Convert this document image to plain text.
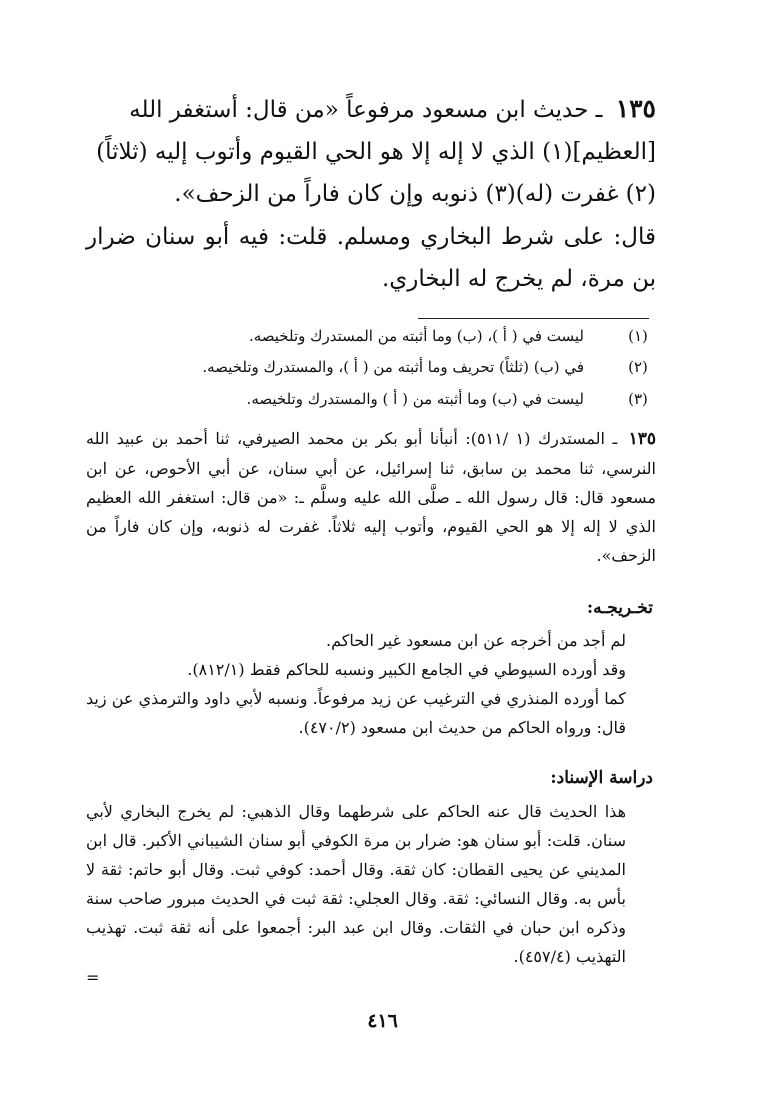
١٣٥ ـ حديث ابن مسعود مرفوعاً «من قال: أستغفر الله [العظيم](١) الذي لا إله إلا هو الحي القيوم وأتوب إليه (ثلاثاً)(٢) غفرت (له)(٣) ذنوبه وإن كان فاراً من الزحف».
قال: على شرط البخاري ومسلم. قلت: فيه أبو سنان ضرار بن مرة، لم يخرج له البخاري.
(١)
ليست في ( أ )، (ب) وما أثبته من المستدرك وتلخيصه.
(٢)
في (ب) (ثلثاً) تحريف وما أثبته من ( أ )، والمستدرك وتلخيصه.
(٣)
ليست في (ب) وما أثبته من ( أ ) والمستدرك وتلخيصه.
١٣٥ ـ المستدرك (١ /٥١١): أنبأنا أبو بكر بن محمد الصيرفي، ثنا أحمد بن عبيد الله النرسي، ثنا محمد بن سابق، ثنا إسرائيل، عن أبي سنان، عن أبي الأحوص، عن ابن مسعود قال: قال رسول الله ـ صلَّى الله عليه وسلَّم ـ: «من قال: استغفر الله العظيم الذي لا إله إلا هو الحي القيوم، وأتوب إليه ثلاثاً. غفرت له ذنوبه، وإن كان فاراً من الزحف».
تخـريجـه:
لم أجد من أخرجه عن ابن مسعود غير الحاكم.
وقد أورده السيوطي في الجامع الكبير ونسبه للحاكم فقط (٨١٢/١).
كما أورده المنذري في الترغيب عن زيد مرفوعاً. ونسبه لأبي داود والترمذي عن زيد قال: ورواه الحاكم من حديث ابن مسعود (٤٧٠/٢).
دراسة الإسناد:
هذا الحديث قال عنه الحاكم على شرطهما وقال الذهبي: لم يخرج البخاري لأبي سنان. قلت: أبو سنان هو: ضرار بن مرة الكوفي أبو سنان الشيباني الأكبر. قال ابن المديني عن يحيى القطان: كان ثقة. وقال أحمد: كوفي ثبت. وقال أبو حاتم: ثقة لا بأس به. وقال النسائي: ثقة. وقال العجلي: ثقة ثبت في الحديث مبرور صاحب سنة وذكره ابن حبان في الثقات. وقال ابن عبد البر: أجمعوا على أنه ثقة ثبت. تهذيب التهذيب (٤٥٧/٤).
=
٤١٦
